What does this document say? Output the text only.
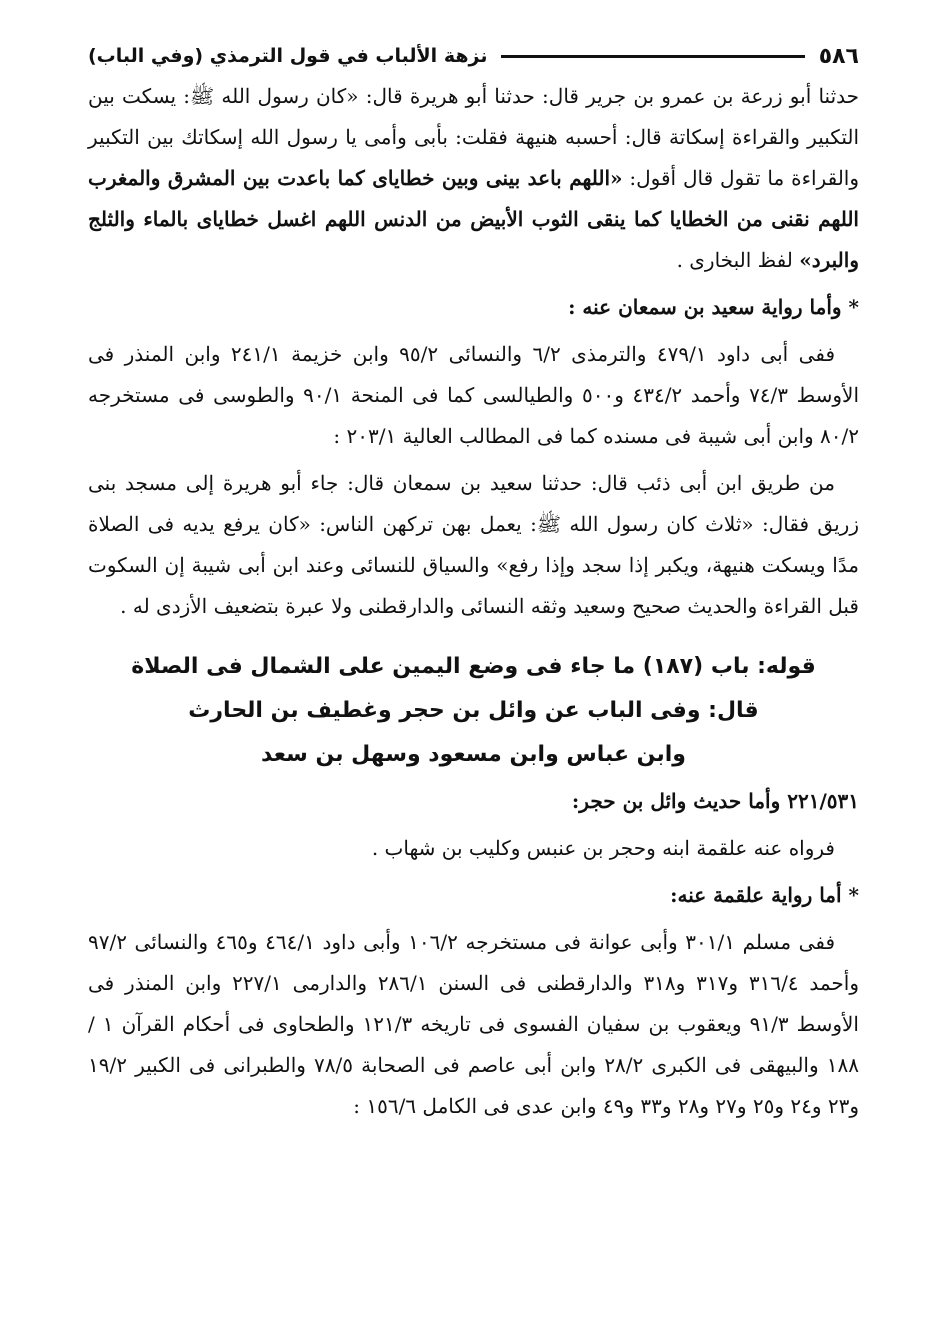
٥٨٦
نزهة الألباب في قول الترمذي (وفي الباب)

حدثنا أبو زرعة بن عمرو بن جرير قال: حدثنا أبو هريرة قال: «كان رسول الله ﷺ: يسكت بين التكبير والقراءة إسكاتة قال: أحسبه هنيهة فقلت: بأبى وأمى يا رسول الله إسكاتك بين التكبير والقراءة ما تقول قال أقول: «اللهم باعد بينى وبين خطاياى كما باعدت بين المشرق والمغرب اللهم نقنى من الخطايا كما ينقى الثوب الأبيض من الدنس اللهم اغسل خطاياى بالماء والثلج والبرد» لفظ البخارى .

* وأما رواية سعيد بن سمعان عنه :

ففى أبى داود ٤٧٩/١ والترمذى ٦/٢ والنسائى ٩٥/٢ وابن خزيمة ٢٤١/١ وابن المنذر فى الأوسط ٧٤/٣ وأحمد ٤٣٤/٢ و٥٠٠ والطيالسى كما فى المنحة ٩٠/١ والطوسى فى مستخرجه ٨٠/٢ وابن أبى شيبة فى مسنده كما فى المطالب العالية ٢٠٣/١ :

من طريق ابن أبى ذئب قال: حدثنا سعيد بن سمعان قال: جاء أبو هريرة إلى مسجد بنى زريق فقال: «ثلاث كان رسول الله ﷺ: يعمل بهن تركهن الناس: «كان يرفع يديه فى الصلاة مدًا ويسكت هنيهة، ويكبر إذا سجد وإذا رفع» والسياق للنسائى وعند ابن أبى شيبة إن السكوت قبل القراءة والحديث صحيح وسعيد وثقه النسائى والدارقطنى ولا عبرة بتضعيف الأزدى له .

قوله: باب (١٨٧) ما جاء فى وضع اليمين على الشمال فى الصلاة
قال: وفى الباب عن وائل بن حجر وغطيف بن الحارث
وابن عباس وابن مسعود وسهل بن سعد

٢٢١/٥٣١ وأما حديث وائل بن حجر:

فرواه عنه علقمة ابنه وحجر بن عنبس وكليب بن شهاب .

* أما رواية علقمة عنه:

ففى مسلم ٣٠١/١ وأبى عوانة فى مستخرجه ١٠٦/٢ وأبى داود ٤٦٤/١ و٤٦٥ والنسائى ٩٧/٢ وأحمد ٣١٦/٤ و٣١٧ و٣١٨ والدارقطنى فى السنن ٢٨٦/١ والدارمى ٢٢٧/١ وابن المنذر فى الأوسط ٩١/٣ ويعقوب بن سفيان الفسوى فى تاريخه ١٢١/٣ والطحاوى فى أحكام القرآن ١ /١٨٨ والبيهقى فى الكبرى ٢٨/٢ وابن أبى عاصم فى الصحابة ٧٨/٥ والطبرانى فى الكبير ١٩/٢ و٢٣ و٢٤ و٢٥ و٢٧ و٢٨ و٣٣ و٤٩ وابن عدى فى الكامل ١٥٦/٦ :
